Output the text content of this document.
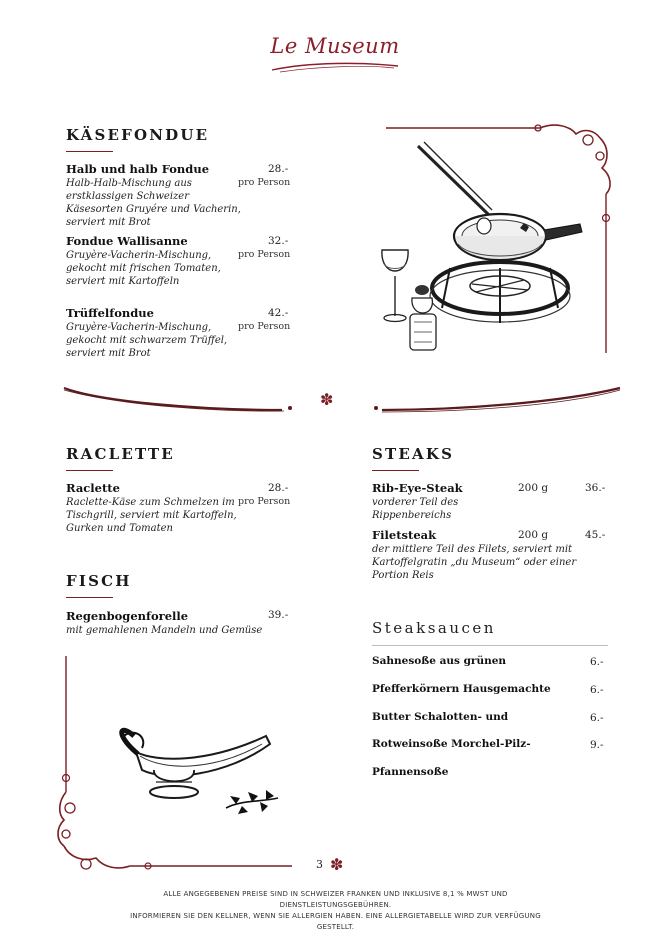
Le Museum
KÄSEFONDUE
Halb und halb Fondue	28.-
pro Person
Halb-Halb-Mischung aus
erstklassigen Schweizer
Käsesorten Gruyére und Vacherin,
serviert mit Brot
Fondue Wallisanne	32.-
pro Person
Gruyère-Vacherin-Mischung,
gekocht mit frischen Tomaten,
serviert mit Kartoffeln
Trüffelfondue	42.-
pro Person
Gruyère-Vacherin-Mischung,
gekocht mit schwarzem Trüffel,
serviert mit Brot
✽
RACLETTE
Raclette	28.-
pro Person
Raclette-Käse zum Schmelzen im
Tischgrill, serviert mit Kartoffeln,
Gurken und Tomaten
FISCH
Regenbogenforelle	39.-
mit gemahlenen Mandeln und Gemüse
STEAKS
Rib-Eye-Steak	200 g	36.-
vorderer Teil des
Rippenbereichs
Filetsteak	200 g	45.-
der mittlere Teil des Filets, serviert mit
Kartoffelgratin „du Museum“ oder einer
Portion Reis
Steaksaucen
Sahnesoße aus grünen	6.-
Pfefferkörnern Hausgemachte	6.-
Butter Schalotten- und	6.-
Rotweinsoße Morchel-Pilz-	9.-
Pfannensoße
3 ✽
ALLE ANGEGEBENEN PREISE SIND IN SCHWEIZER FRANKEN UND INKLUSIVE 8,1 % MWST UND
DIENSTLEISTUNGSGEBÜHREN.
INFORMIEREN SIE DEN KELLNER, WENN SIE ALLERGIEN HABEN. EINE ALLERGIETABELLE WIRD ZUR VERFÜGUNG
GESTELLT.
